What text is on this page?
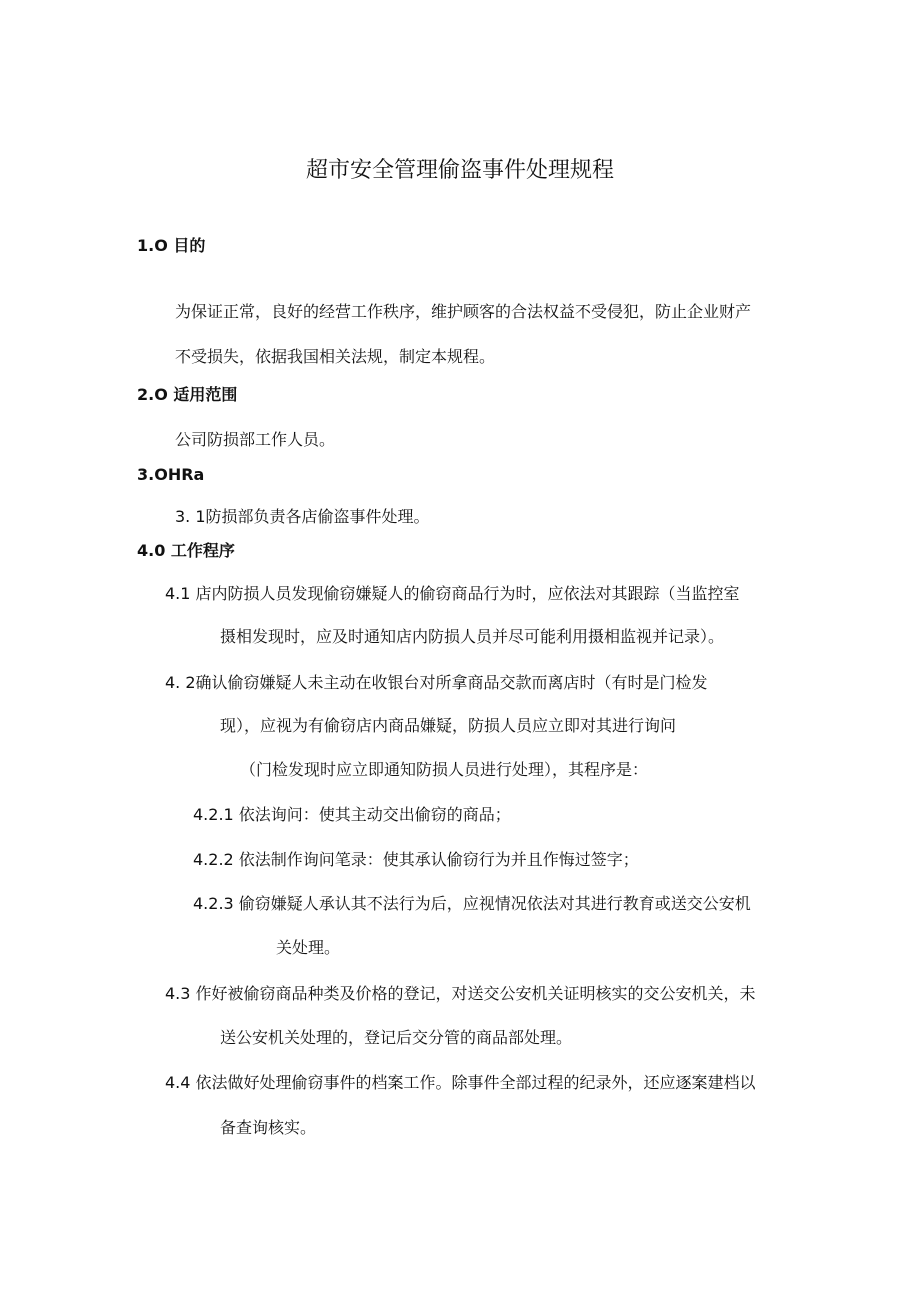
超市安全管理偷盗事件处理规程
1.O 目的
为保证正常，良好的经营工作秩序，维护顾客的合法权益不受侵犯，防止企业财产
不受损失，依据我国相关法规，制定本规程。
2.O 适用范围
公司防损部工作人员。
3.OHRa
3. 1防损部负责各店偷盗事件处理。
4.0 工作程序
4.1 店内防损人员发现偷窃嫌疑人的偷窃商品行为时，应依法对其跟踪（当监控室
摄相发现时，应及时通知店内防损人员并尽可能利用摄相监视并记录）。
4. 2确认偷窃嫌疑人未主动在收银台对所拿商品交款而离店时（有时是门检发
现），应视为有偷窃店内商品嫌疑，防损人员应立即对其进行询问
（门检发现时应立即通知防损人员进行处理），其程序是：
4.2.1 依法询问：使其主动交出偷窃的商品；
4.2.2 依法制作询问笔录：使其承认偷窃行为并且作悔过签字；
4.2.3 偷窃嫌疑人承认其不法行为后，应视情况依法对其进行教育或送交公安机
关处理。
4.3 作好被偷窃商品种类及价格的登记，对送交公安机关证明核实的交公安机关，未
送公安机关处理的，登记后交分管的商品部处理。
4.4 依法做好处理偷窃事件的档案工作。除事件全部过程的纪录外，还应逐案建档以
备查询核实。
